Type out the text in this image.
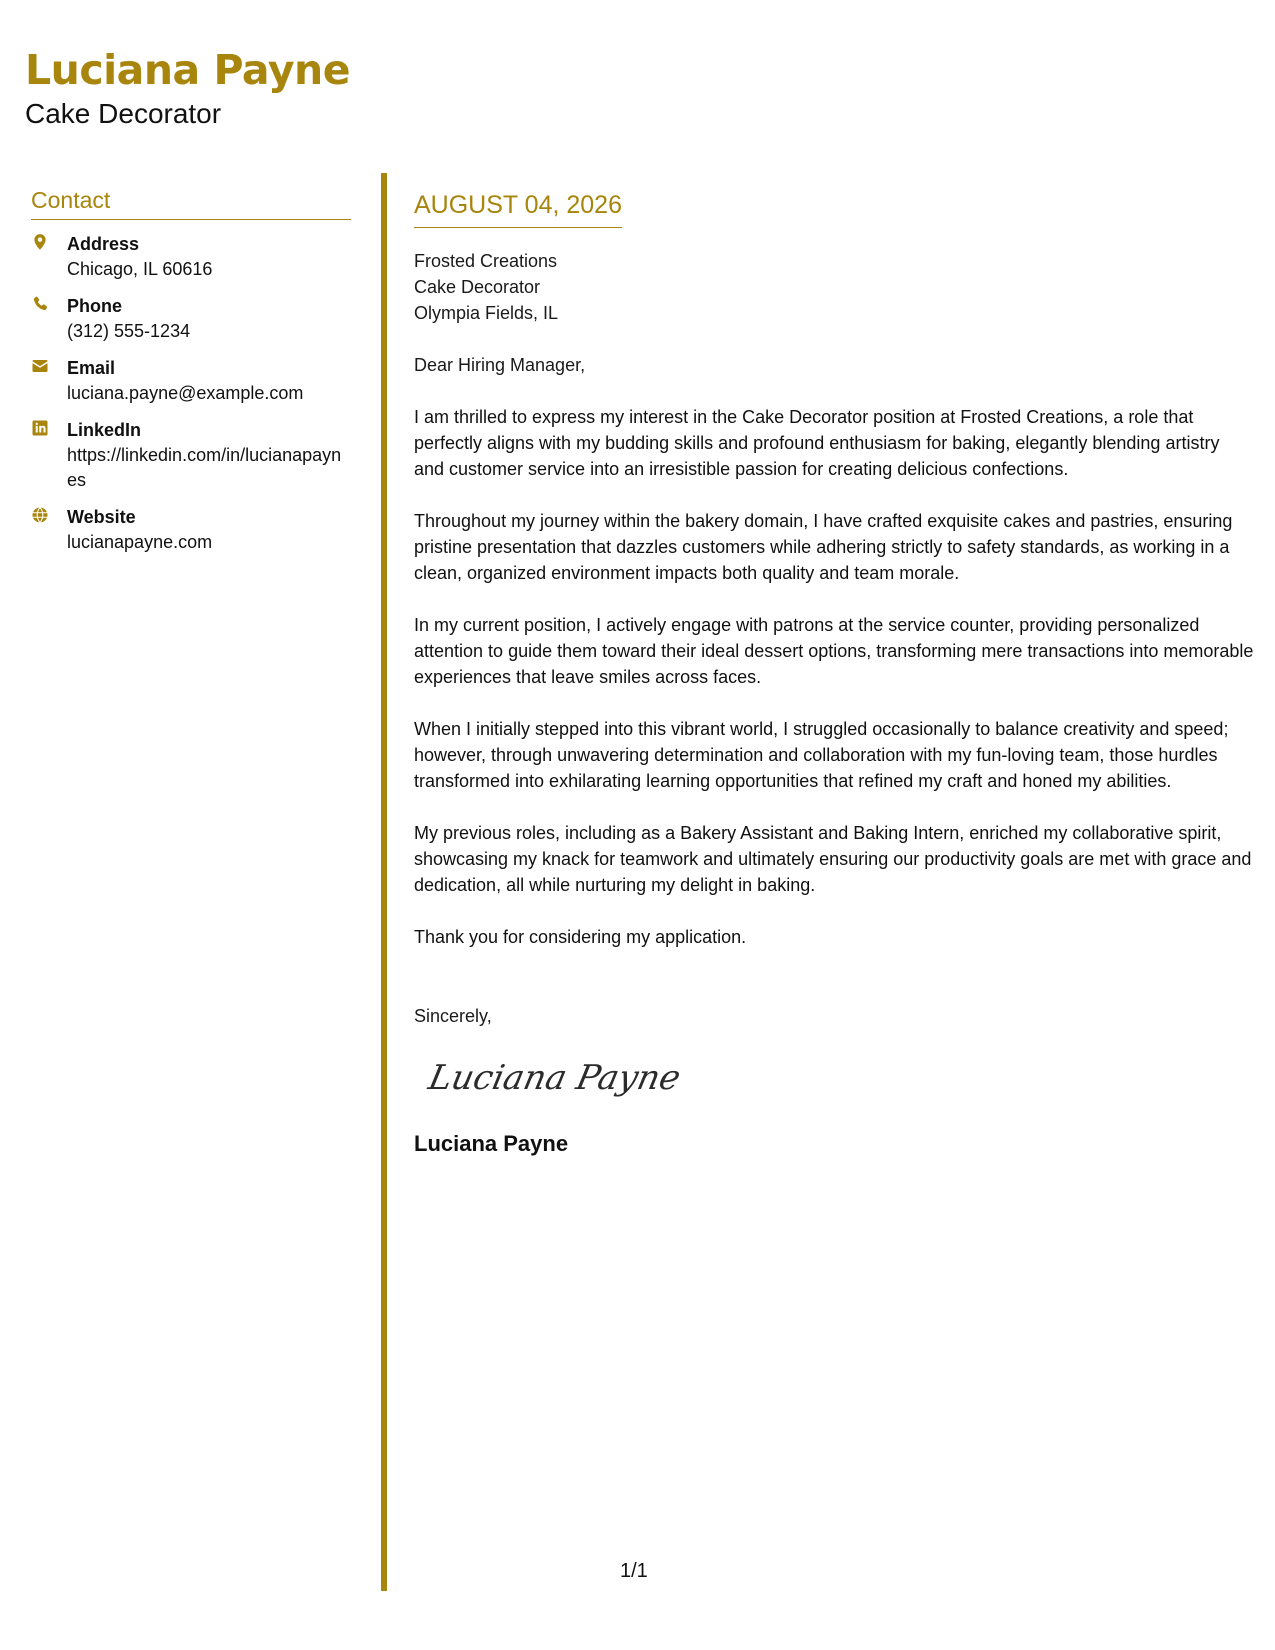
Luciana Payne
Cake Decorator
Contact
Address
Chicago, IL 60616
Phone
(312) 555-1234
Email
luciana.payne@example.com
LinkedIn
https://linkedin.com/in/lucianapaynes
Website
lucianapayne.com
AUGUST 04, 2026
Frosted Creations
Cake Decorator
Olympia Fields, IL
Dear Hiring Manager,
I am thrilled to express my interest in the Cake Decorator position at Frosted Creations, a role that perfectly aligns with my budding skills and profound enthusiasm for baking, elegantly blending artistry and customer service into an irresistible passion for creating delicious confections.
Throughout my journey within the bakery domain, I have crafted exquisite cakes and pastries, ensuring pristine presentation that dazzles customers while adhering strictly to safety standards, as working in a clean, organized environment impacts both quality and team morale.
In my current position, I actively engage with patrons at the service counter, providing personalized attention to guide them toward their ideal dessert options, transforming mere transactions into memorable experiences that leave smiles across faces.
When I initially stepped into this vibrant world, I struggled occasionally to balance creativity and speed; however, through unwavering determination and collaboration with my fun-loving team, those hurdles transformed into exhilarating learning opportunities that refined my craft and honed my abilities.
My previous roles, including as a Bakery Assistant and Baking Intern, enriched my collaborative spirit, showcasing my knack for teamwork and ultimately ensuring our productivity goals are met with grace and dedication, all while nurturing my delight in baking.
Thank you for considering my application.
Sincerely,
Luciana Payne
Luciana Payne
1/1
